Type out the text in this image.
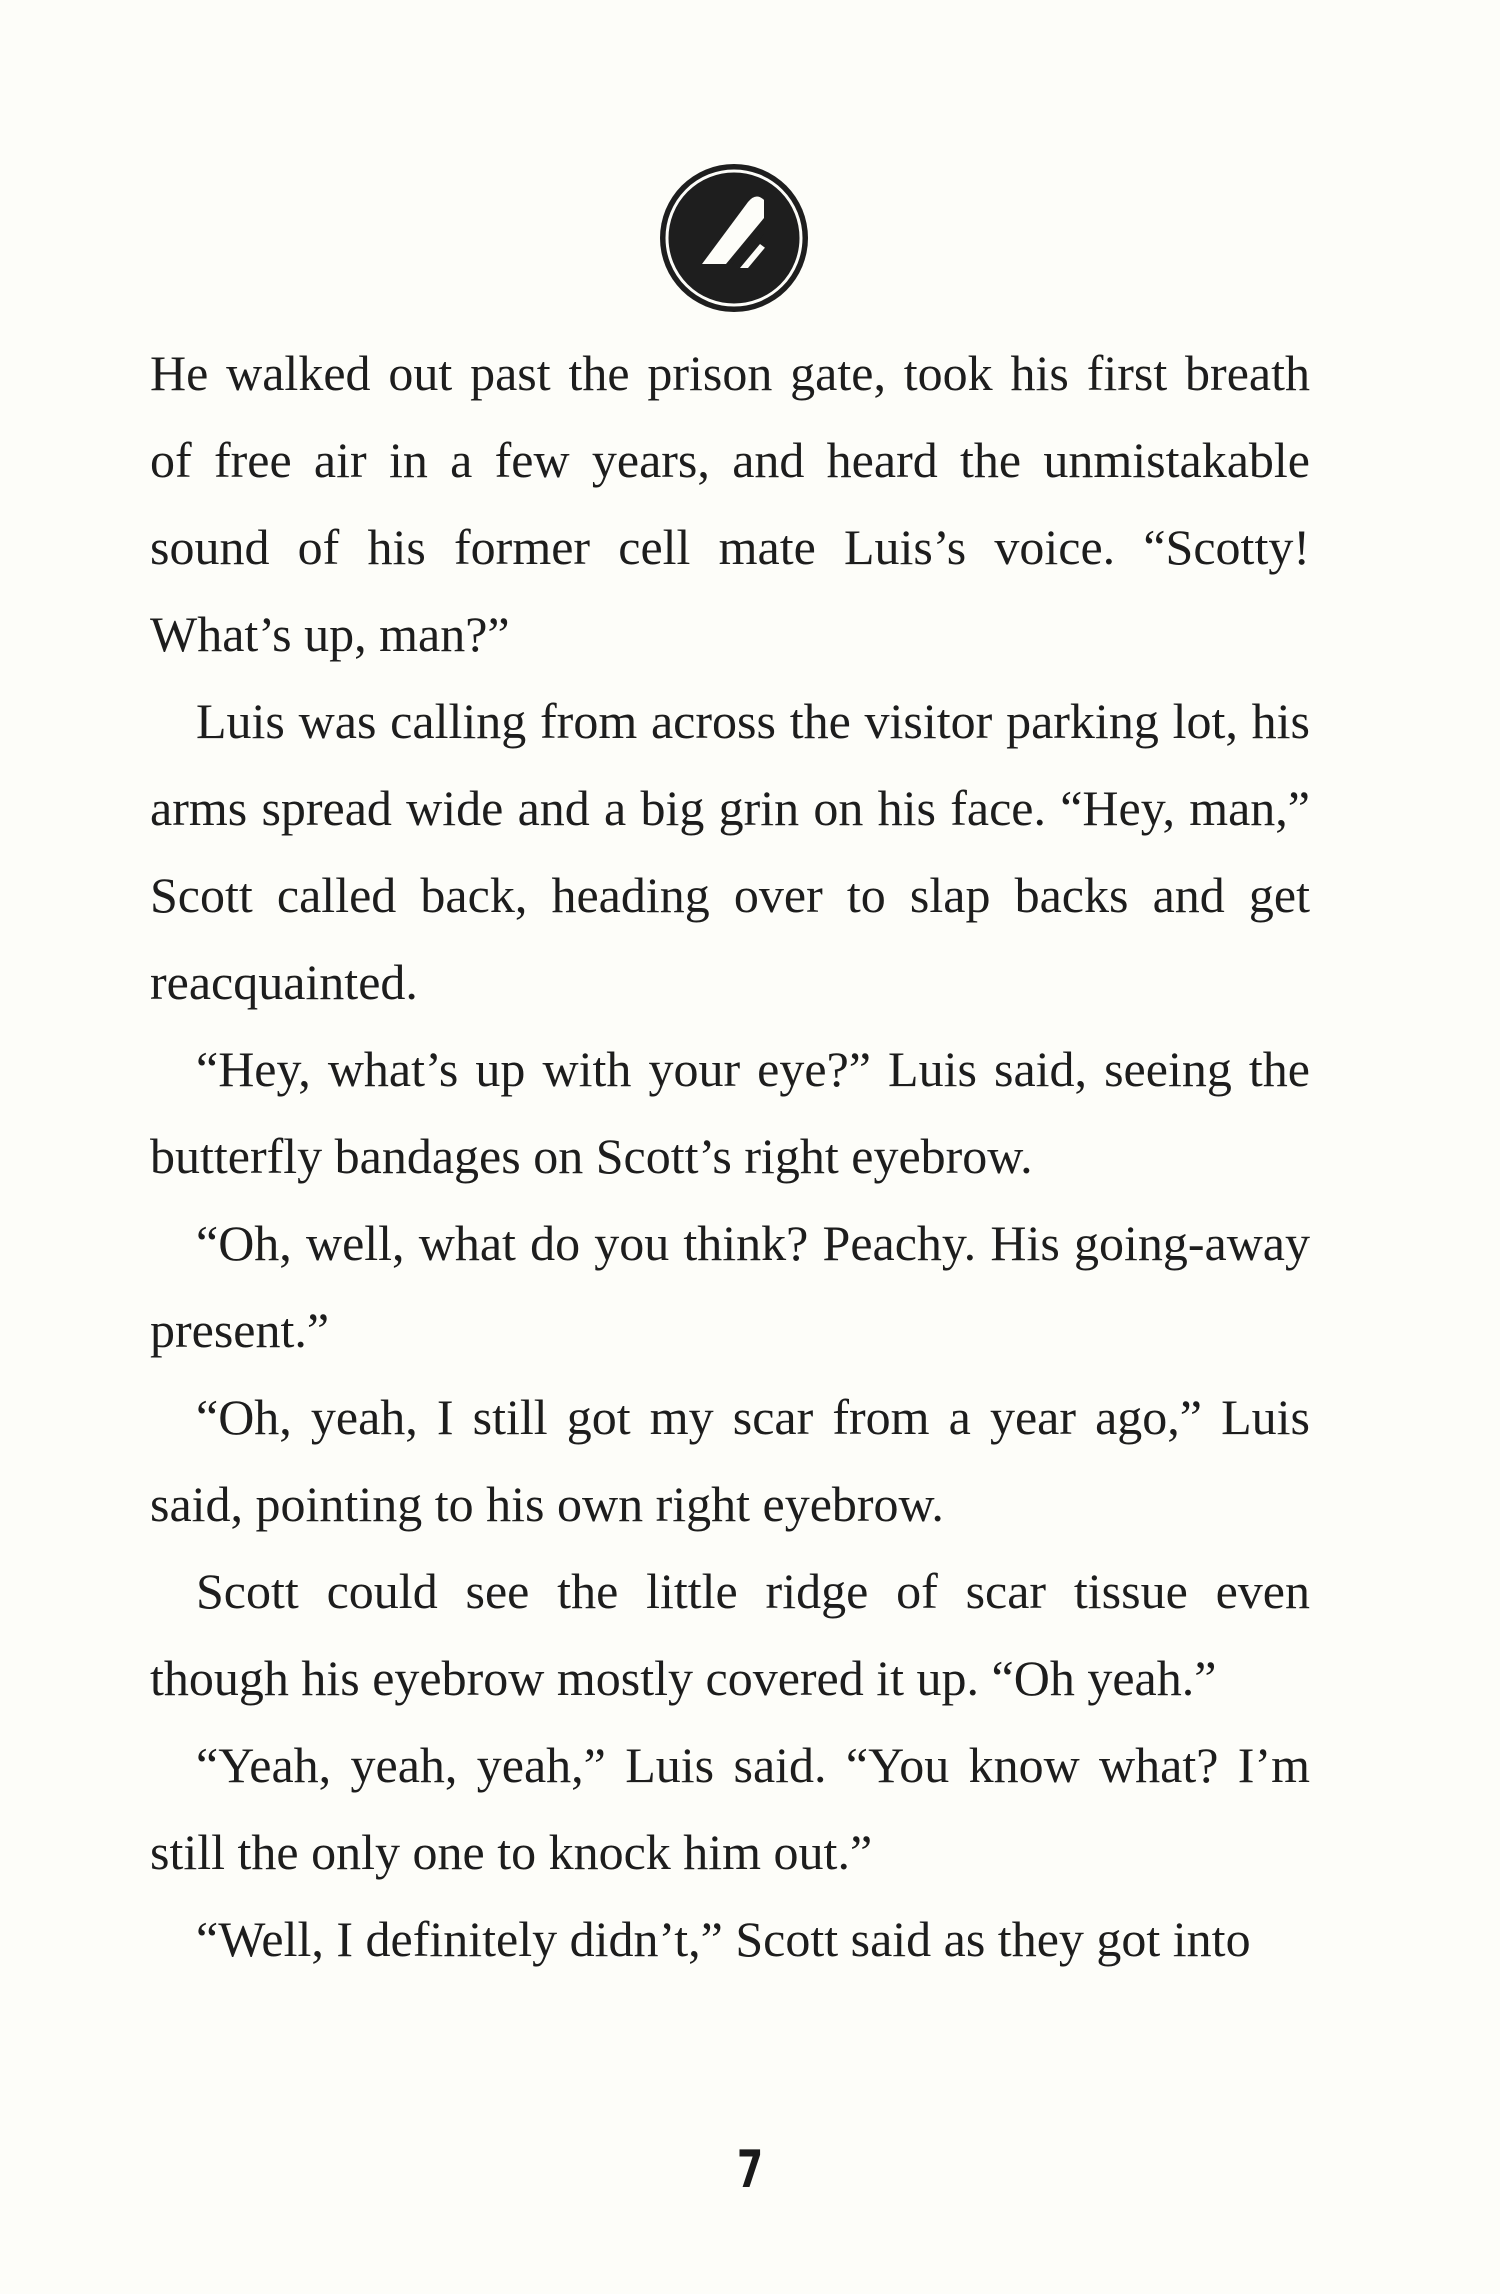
He walked out past the prison gate, took his first breath of free air in a few years, and heard the unmistakable sound of his former cell mate Luis’s voice. “Scotty! What’s up, man?”

Luis was calling from across the visitor parking lot, his arms spread wide and a big grin on his face. “Hey, man,” Scott called back, heading over to slap backs and get reacquainted.

“Hey, what’s up with your eye?” Luis said, seeing the butterfly bandages on Scott’s right eyebrow.

“Oh, well, what do you think? Peachy. His going-away present.”

“Oh, yeah, I still got my scar from a year ago,” Luis said, pointing to his own right eyebrow.

Scott could see the little ridge of scar tissue even though his eyebrow mostly covered it up. “Oh yeah.”

“Yeah, yeah, yeah,” Luis said. “You know what? I’m still the only one to knock him out.”

“Well, I definitely didn’t,” Scott said as they got into

7
